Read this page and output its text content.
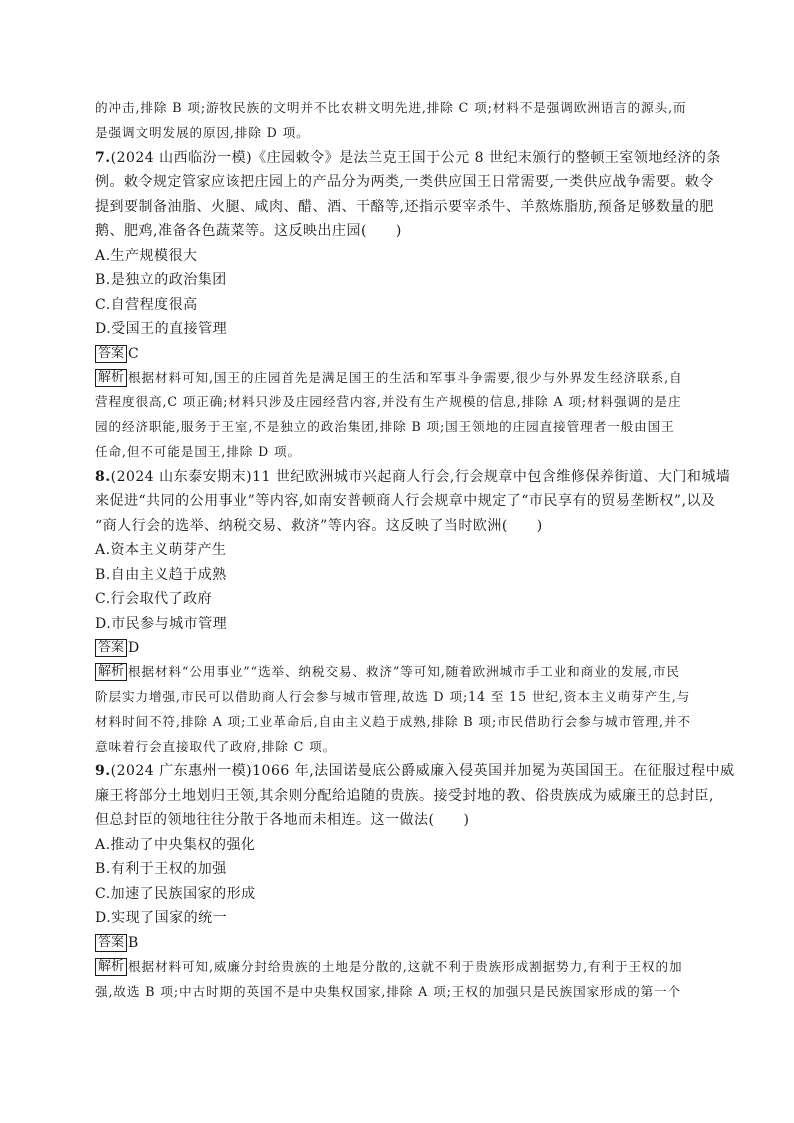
的冲击,排除 B 项;游牧民族的文明并不比农耕文明先进,排除 C 项;材料不是强调欧洲语言的源头,而
是强调文明发展的原因,排除 D 项。
7.(2024 山西临汾一模)《庄园敕令》是法兰克王国于公元 8 世纪末颁行的整顿王室领地经济的条
例。敕令规定管家应该把庄园上的产品分为两类,一类供应国王日常需要,一类供应战争需要。敕令
提到要制备油脂、火腿、咸肉、醋、酒、干酪等,还指示要宰杀牛、羊熬炼脂肪,预备足够数量的肥
鹅、肥鸡,准备各色蔬菜等。这反映出庄园(　　)
A.生产规模很大
B.是独立的政治集团
C.自营程度很高
D.受国王的直接管理
答案 C
解析 根据材料可知,国王的庄园首先是满足国王的生活和军事斗争需要,很少与外界发生经济联系,自
营程度很高,C 项正确;材料只涉及庄园经营内容,并没有生产规模的信息,排除 A 项;材料强调的是庄
园的经济职能,服务于王室,不是独立的政治集团,排除 B 项;国王领地的庄园直接管理者一般由国王
任命,但不可能是国王,排除 D 项。
8.(2024 山东泰安期末)11 世纪欧洲城市兴起商人行会,行会规章中包含维修保养街道、大门和城墙
来促进“共同的公用事业”等内容,如南安普顿商人行会规章中规定了“市民享有的贸易垄断权”,以及
“商人行会的选举、纳税交易、救济”等内容。这反映了当时欧洲(　　)
A.资本主义萌芽产生
B.自由主义趋于成熟
C.行会取代了政府
D.市民参与城市管理
答案 D
解析 根据材料“公用事业”“选举、纳税交易、救济”等可知,随着欧洲城市手工业和商业的发展,市民
阶层实力增强,市民可以借助商人行会参与城市管理,故选 D 项;14 至 15 世纪,资本主义萌芽产生,与
材料时间不符,排除 A 项;工业革命后,自由主义趋于成熟,排除 B 项;市民借助行会参与城市管理,并不
意味着行会直接取代了政府,排除 C 项。
9.(2024 广东惠州一模)1066 年,法国诺曼底公爵威廉入侵英国并加冕为英国国王。在征服过程中威
廉王将部分土地划归王领,其余则分配给追随的贵族。接受封地的教、俗贵族成为威廉王的总封臣,
但总封臣的领地往往分散于各地而未相连。这一做法(　　)
A.推动了中央集权的强化
B.有利于王权的加强
C.加速了民族国家的形成
D.实现了国家的统一
答案 B
解析 根据材料可知,威廉分封给贵族的土地是分散的,这就不利于贵族形成割据势力,有利于王权的加
强,故选 B 项;中古时期的英国不是中央集权国家,排除 A 项;王权的加强只是民族国家形成的第一个
